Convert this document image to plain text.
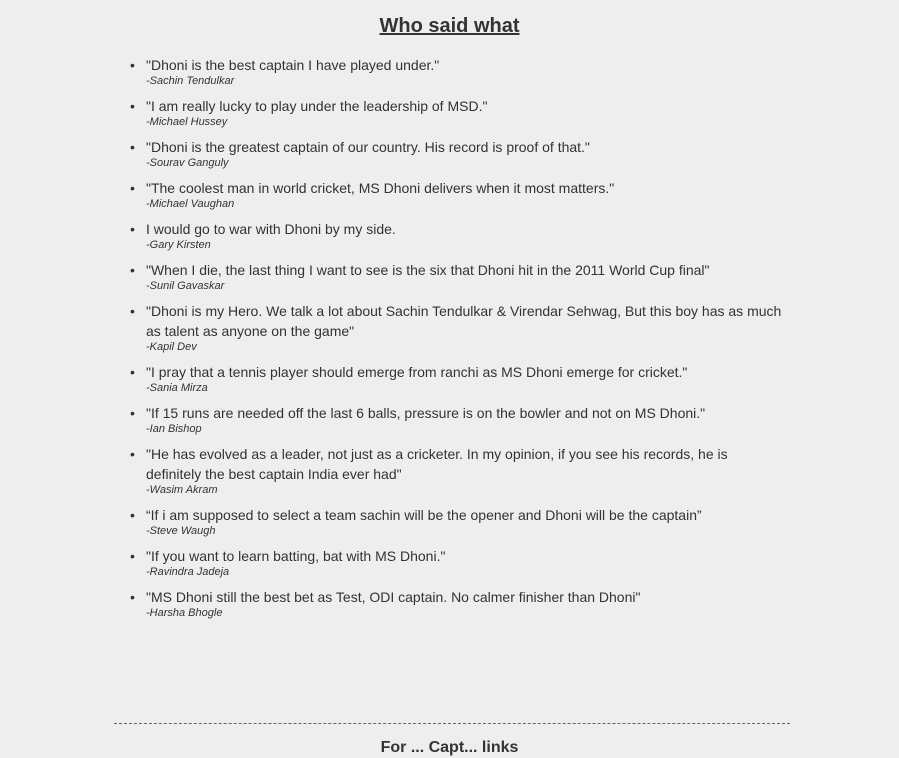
Who said what
• "Dhoni is the best captain I have played under."
-Sachin Tendulkar
• "I am really lucky to play under the leadership of MSD."
-Michael Hussey
• "Dhoni is the greatest captain of our country. His record is proof of that."
-Sourav Ganguly
• "The coolest man in world cricket, MS Dhoni delivers when it most matters."
-Michael Vaughan
• I would go to war with Dhoni by my side.
-Gary Kirsten
• "When I die, the last thing I want to see is the six that Dhoni hit in the 2011 World Cup final"
-Sunil Gavaskar
• "Dhoni is my Hero. We talk a lot about Sachin Tendulkar & Virendar Sehwag, But this boy has as much as talent as anyone on the game"
-Kapil Dev
• "I pray that a tennis player should emerge from ranchi as MS Dhoni emerge for cricket."
-Sania Mirza
• "If 15 runs are needed off the last 6 balls, pressure is on the bowler and not on MS Dhoni."
-Ian Bishop
• "He has evolved as a leader, not just as a cricketer. In my opinion, if you see his records, he is definitely the best captain India ever had"
-Wasim Akram
• “If i am supposed to select a team sachin will be the opener and Dhoni will be the captain”
-Steve Waugh
• "If you want to learn batting, bat with MS Dhoni."
-Ravindra Jadeja
• "MS Dhoni still the best bet as Test, ODI captain. No calmer finisher than Dhoni"
-Harsha Bhogle
For ... Capt... links
